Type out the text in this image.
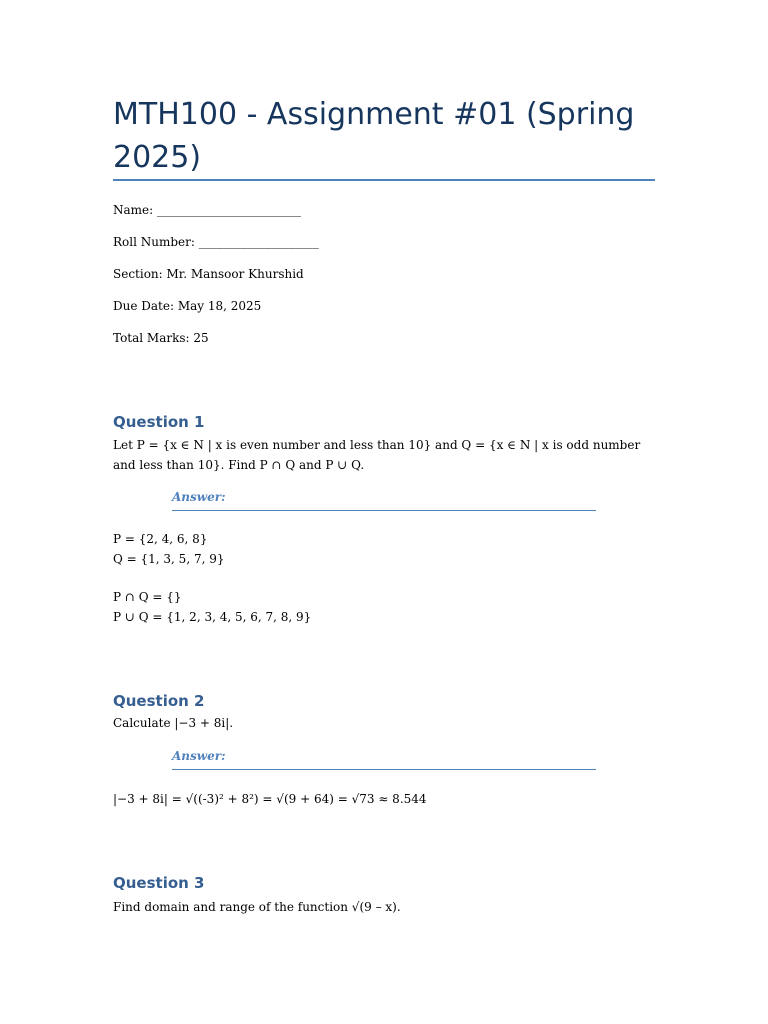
MTH100 - Assignment #01 (Spring 2025)
Name: ________________________
Roll Number: ____________________
Section: Mr. Mansoor Khurshid
Due Date: May 18, 2025
Total Marks: 25
Question 1

Let P = {x ∈ N | x is even number and less than 10} and Q = {x ∈ N | x is odd number and less than 10}. Find P ∩ Q and P ∪ Q.

Answer:
P = {2, 4, 6, 8}
Q = {1, 3, 5, 7, 9}
P ∩ Q = {}
P ∪ Q = {1, 2, 3, 4, 5, 6, 7, 8, 9}
Question 2

Calculate |−3 + 8i|.

Answer:
|−3 + 8i| = √((-3)² + 8²) = √(9 + 64) = √73 ≈ 8.544
Question 3

Find domain and range of the function √(9 – x).
